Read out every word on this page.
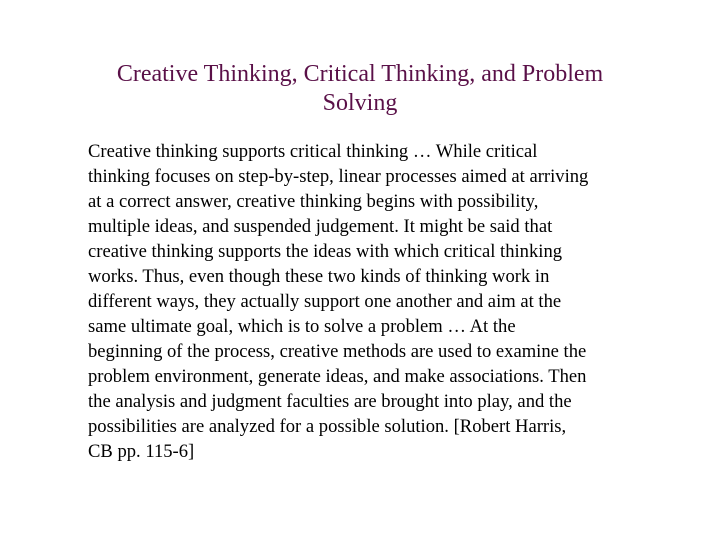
Creative Thinking, Critical Thinking, and Problem
Solving
Creative thinking supports critical thinking … While critical
thinking focuses on step-by-step, linear processes aimed at arriving
at a correct answer, creative thinking begins with possibility,
multiple ideas, and suspended judgement. It might be said that
creative thinking supports the ideas with which critical thinking
works. Thus, even though these two kinds of thinking work in
different ways, they actually support one another and aim at the
same ultimate goal, which is to solve a problem … At the
beginning of the process, creative methods are used to examine the
problem environment, generate ideas, and make associations. Then
the analysis and judgment faculties are brought into play, and the
possibilities are analyzed for a possible solution. [Robert Harris,
CB pp. 115-6]
